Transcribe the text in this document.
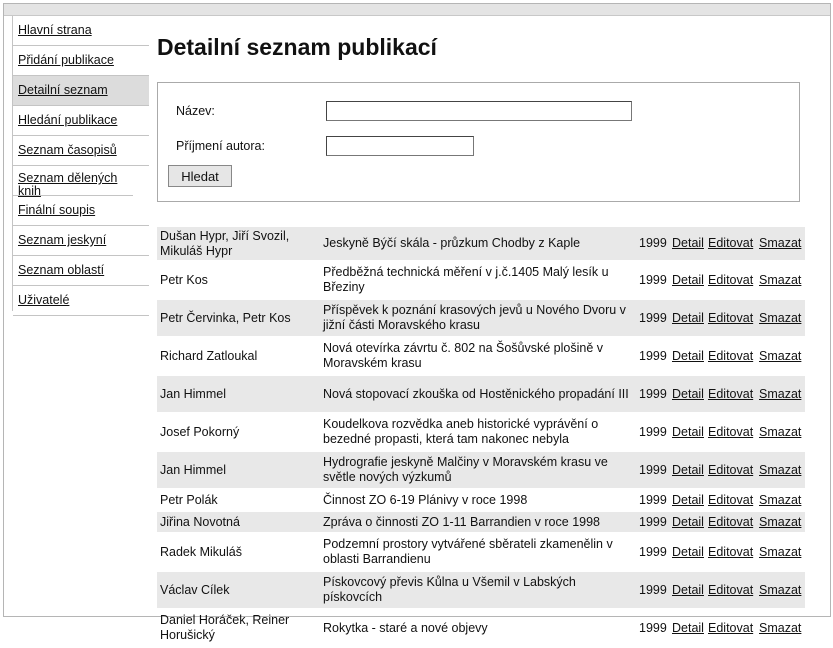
Hlavní strana
Přidání publikace
Detailní seznam
Hledání publikace
Seznam časopisů
Seznam dělených knih
Finální soupis
Seznam jeskyní
Seznam oblastí
Uživatelé
Detailní seznam publikací
Název:
Příjmení autora:
Hledat
Dušan Hypr, Jiří Svozil, Mikuláš Hypr	Jeskyně Býčí skála - průzkum Chodby z Kaple	1999	Detail	Editovat	Smazat
Petr Kos	Předběžná technická měření v j.č.1405 Malý lesík u Březiny	1999	Detail	Editovat	Smazat
Petr Červinka, Petr Kos	Příspěvek k poznání krasových jevů u Nového Dvoru v jižní části Moravského krasu	1999	Detail	Editovat	Smazat
Richard Zatloukal	Nová otevírka závrtu č. 802 na Šošůvské plošině v Moravském krasu	1999	Detail	Editovat	Smazat
Jan Himmel	Nová stopovací zkouška od Hostěnického propadání III	1999	Detail	Editovat	Smazat
Josef Pokorný	Koudelkova rozvědka aneb historické vyprávění o bezedné propasti, která tam nakonec nebyla	1999	Detail	Editovat	Smazat
Jan Himmel	Hydrografie jeskyně Malčiny v Moravském krasu ve světle nových výzkumů	1999	Detail	Editovat	Smazat
Petr Polák	Činnost ZO 6-19 Plánivy v roce 1998	1999	Detail	Editovat	Smazat
Jiřina Novotná	Zpráva o činnosti ZO 1-11 Barrandien v roce 1998	1999	Detail	Editovat	Smazat
Radek Mikuláš	Podzemní prostory vytvářené sběrateli zkamenělin v oblasti Barrandienu	1999	Detail	Editovat	Smazat
Václav Cílek	Pískovcový převis Kůlna u Všemil v Labských pískovcích	1999	Detail	Editovat	Smazat
Daniel Horáček, Reiner Horušický	Rokytka - staré a nové objevy	1999	Detail	Editovat	Smazat
